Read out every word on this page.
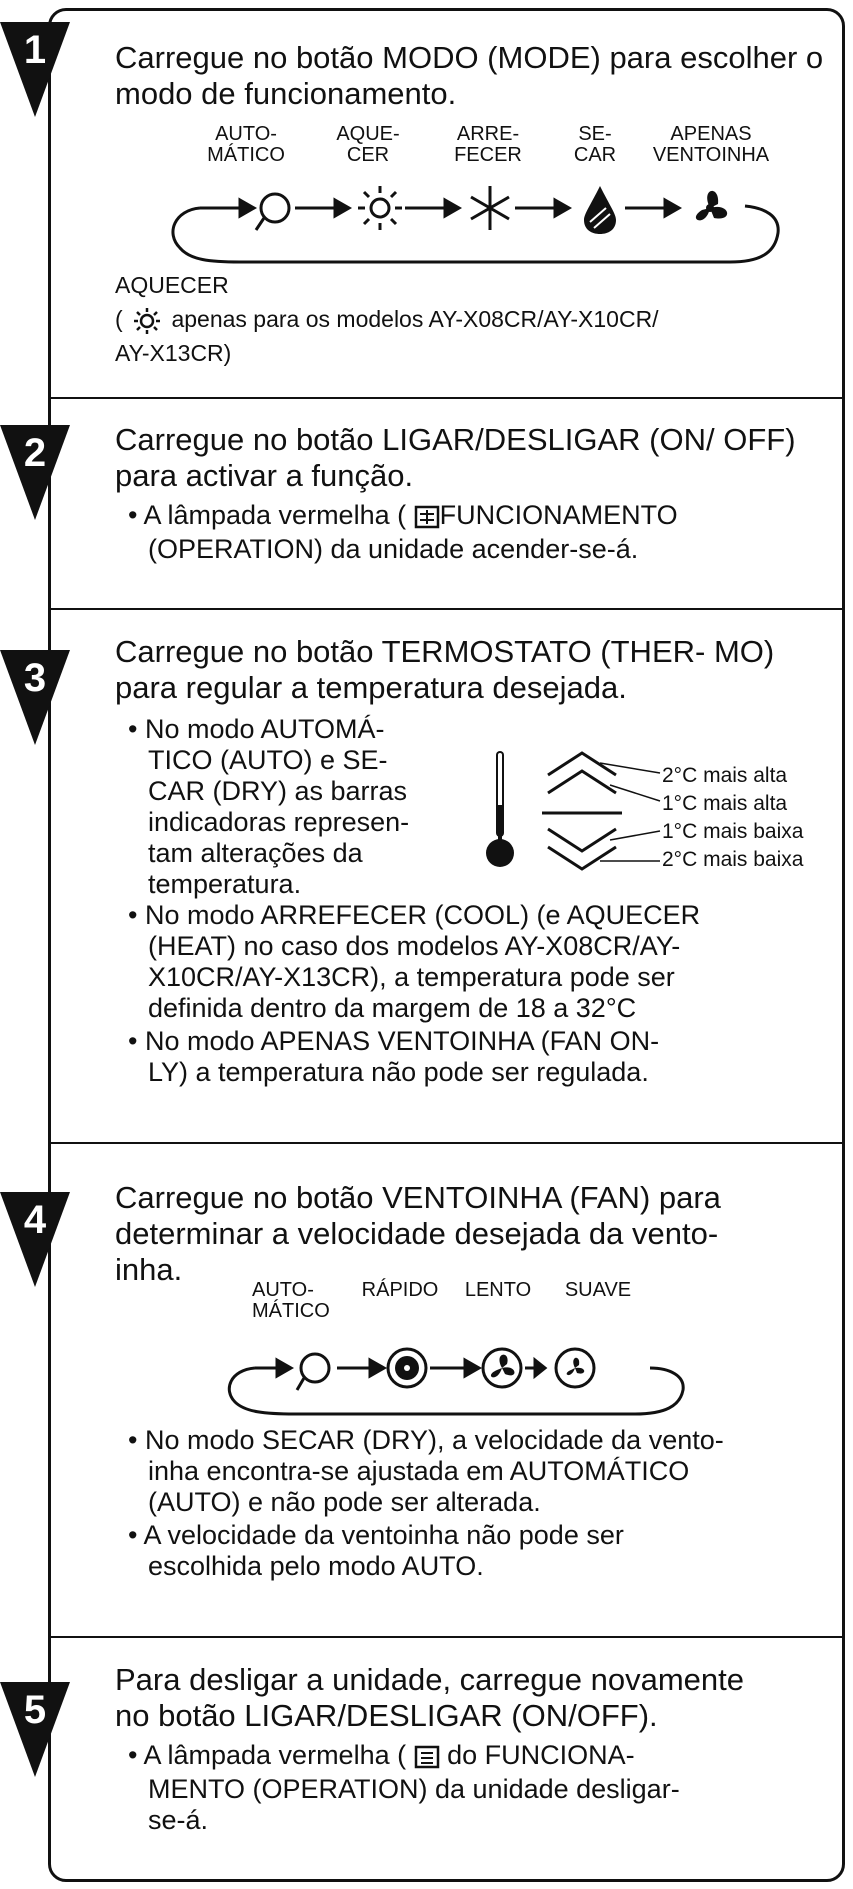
1	Carregue no botão MODO (MODE) para escolher o modo de funcionamento.
AUTO-
MÁTICO
AQUE-
CER
ARRE-
FECER
SE-
CAR
APENAS
VENTOINHA
AQUECER
( apenas para os modelos AY-X08CR/AY-X10CR/
AY-X13CR)
2	Carregue no botão LIGAR/DESLIGAR (ON/ OFF) para activar a função.
• A lâmpada vermelha ( FUNCIONAMENTO
(OPERATION) da unidade acender-se-á.
3
Carregue no botão TERMOSTATO (THER- MO) para regular a temperatura desejada.
• No modo AUTOMÁ-
TICO (AUTO) e SE-
CAR (DRY) as barras
indicadoras represen-
tam alterações da
temperatura.
2°C mais alta
1°C mais alta
1°C mais baixa
2°C mais baixa
• No modo ARREFECER (COOL) (e AQUECER
(HEAT) no caso dos modelos AY-X08CR/AY-
X10CR/AY-X13CR), a temperatura pode ser
definida dentro da margem de 18 a 32°C
• No modo APENAS VENTOINHA (FAN ON-
LY) a temperatura não pode ser regulada.
4
Carregue no botão VENTOINHA (FAN) para
determinar a velocidade desejada da vento-
inha.
AUTO-
MÁTICO
RÁPIDO	LENTO	SUAVE
• No modo SECAR (DRY), a velocidade da vento-
inha encontra-se ajustada em AUTOMÁTICO
(AUTO) e não pode ser alterada.
• A velocidade da ventoinha não pode ser
escolhida pelo modo AUTO.
5
Para desligar a unidade, carregue novamente
no botão LIGAR/DESLIGAR (ON/OFF).
• A lâmpada vermelha ( do FUNCIONA-
MENTO (OPERATION) da unidade desligar-
se-á.
